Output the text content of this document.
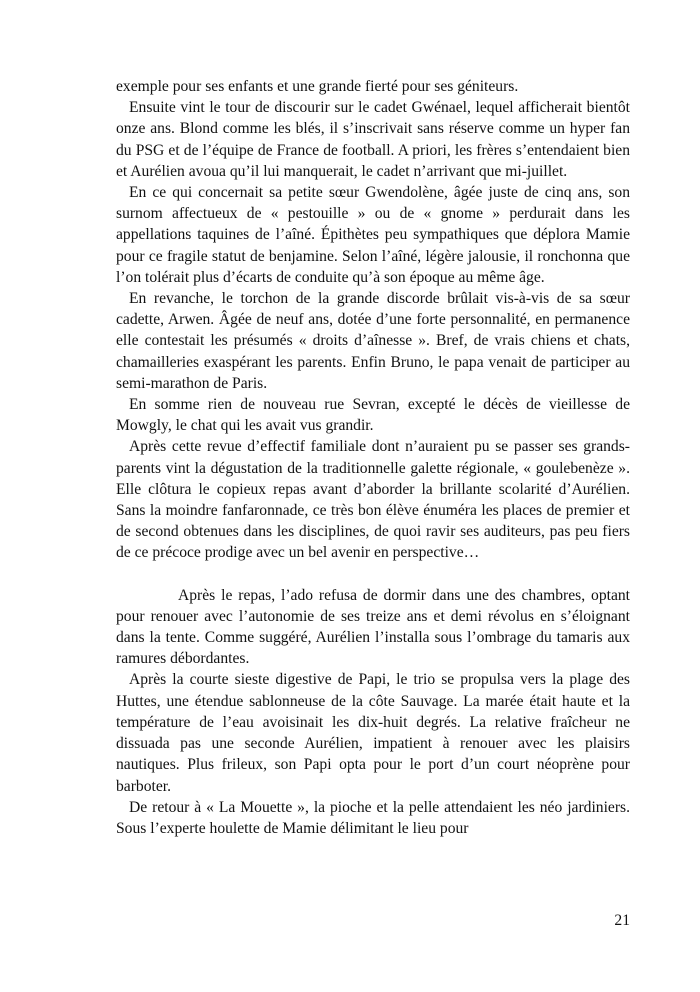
exemple pour ses enfants et une grande fierté pour ses géniteurs.

Ensuite vint le tour de discourir sur le cadet Gwénael, lequel afficherait bientôt onze ans. Blond comme les blés, il s’inscrivait sans réserve comme un hyper fan du PSG et de l’équipe de France de football. A priori, les frères s’entendaient bien et Aurélien avoua qu’il lui manquerait, le cadet n’arrivant que mi-juillet.

En ce qui concernait sa petite sœur Gwendolène, âgée juste de cinq ans, son surnom affectueux de « pestouille » ou de « gnome » perdurait dans les appellations taquines de l’aîné. Épithètes peu sympathiques que déplora Mamie pour ce fragile statut de benjamine. Selon l’aîné, légère jalousie, il ronchonna que l’on tolérait plus d’écarts de conduite qu’à son époque au même âge.

En revanche, le torchon de la grande discorde brûlait vis-à-vis de sa sœur cadette, Arwen. Âgée de neuf ans, dotée d’une forte personnalité, en permanence elle contestait les présumés « droits d’aînesse ». Bref, de vrais chiens et chats, chamailleries exaspérant les parents. Enfin Bruno, le papa venait de participer au semi-marathon de Paris.

En somme rien de nouveau rue Sevran, excepté le décès de vieillesse de Mowgly, le chat qui les avait vus grandir.

Après cette revue d’effectif familiale dont n’auraient pu se passer ses grands-parents vint la dégustation de la traditionnelle galette régionale, « goulebenèze ». Elle clôtura le copieux repas avant d’aborder la brillante scolarité d’Aurélien. Sans la moindre fanfaronnade, ce très bon élève énuméra les places de premier et de second obtenues dans les disciplines, de quoi ravir ses auditeurs, pas peu fiers de ce précoce prodige avec un bel avenir en perspective…

Après le repas, l’ado refusa de dormir dans une des chambres, optant pour renouer avec l’autonomie de ses treize ans et demi révolus en s’éloignant dans la tente. Comme suggéré, Aurélien l’installa sous l’ombrage du tamaris aux ramures débordantes.

Après la courte sieste digestive de Papi, le trio se propulsa vers la plage des Huttes, une étendue sablonneuse de la côte Sauvage. La marée était haute et la température de l’eau avoisinait les dix-huit degrés. La relative fraîcheur ne dissuada pas une seconde Aurélien, impatient à renouer avec les plaisirs nautiques. Plus frileux, son Papi opta pour le port d’un court néoprène pour barboter.

De retour à « La Mouette », la pioche et la pelle attendaient les néo jardiniers. Sous l’experte houlette de Mamie délimitant le lieu pour

21
